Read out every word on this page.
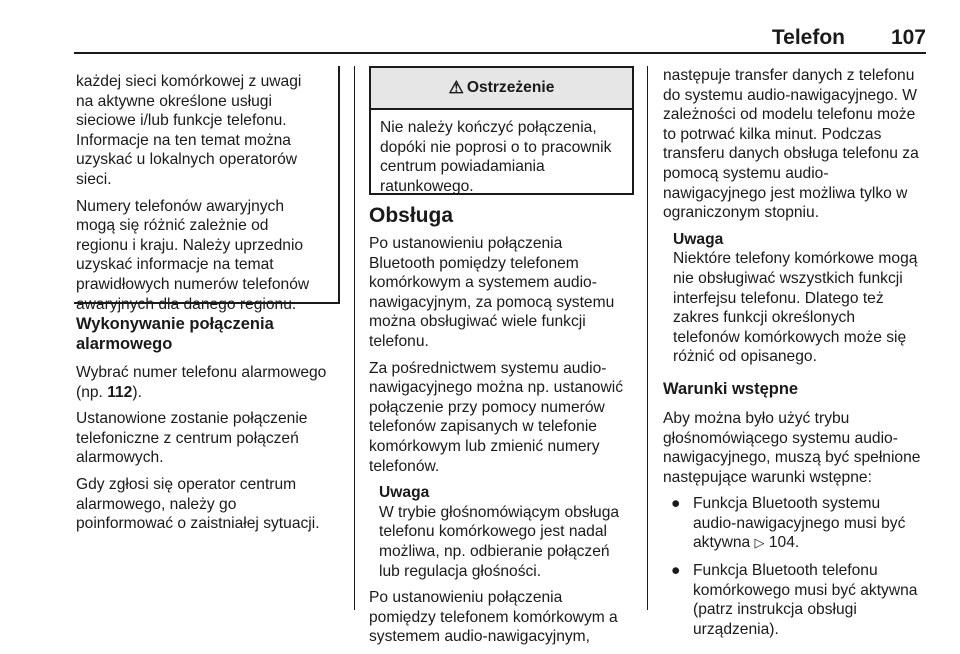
Telefon	107

każdej sieci komórkowej z uwagi
na aktywne określone usługi
sieciowe i/lub funkcje telefonu.
Informacje na ten temat można
uzyskać u lokalnych operatorów
sieci.

Numery telefonów awaryjnych
mogą się różnić zależnie od
regionu i kraju. Należy uprzednio
uzyskać informacje na temat
prawidłowych numerów telefonów
awaryjnych dla danego regionu.

Wykonywanie połączenia
alarmowego

Wybrać numer telefonu alarmowego
(np. 112).

Ustanowione zostanie połączenie
telefoniczne z centrum połączeń
alarmowych.

Gdy zgłosi się operator centrum
alarmowego, należy go
poinformować o zaistniałej sytuacji.

⚠ Ostrzeżenie
Nie należy kończyć połączenia,
dopóki nie poprosi o to pracownik
centrum powiadamiania
ratunkowego.
Obsługa

Po ustanowieniu połączenia
Bluetooth pomiędzy telefonem
komórkowym a systemem audio-
nawigacyjnym, za pomocą systemu
można obsługiwać wiele funkcji
telefonu.

Za pośrednictwem systemu audio-
nawigacyjnego można np. ustanowić
połączenie przy pomocy numerów
telefonów zapisanych w telefonie
komórkowym lub zmienić numery
telefonów.

Uwaga
W trybie głośnomówiącym obsługa
telefonu komórkowego jest nadal
możliwa, np. odbieranie połączeń
lub regulacja głośności.

Po ustanowieniu połączenia
pomiędzy telefonem komórkowym a
systemem audio-nawigacyjnym,

następuje transfer danych z telefonu
do systemu audio-nawigacyjnego. W
zależności od modelu telefonu może
to potrwać kilka minut. Podczas
transferu danych obsługa telefonu za
pomocą systemu audio-
nawigacyjnego jest możliwa tylko w
ograniczonym stopniu.

Uwaga
Niektóre telefony komórkowe mogą
nie obsługiwać wszystkich funkcji
interfejsu telefonu. Dlatego też
zakres funkcji określonych
telefonów komórkowych może się
różnić od opisanego.

Warunki wstępne

Aby można było użyć trybu
głośnomówiącego systemu audio-
nawigacyjnego, muszą być spełnione
następujące warunki wstępne:

● Funkcja Bluetooth systemu
audio-nawigacyjnego musi być
aktywna ▷ 104.
● Funkcja Bluetooth telefonu
komórkowego musi być aktywna
(patrz instrukcja obsługi
urządzenia).
